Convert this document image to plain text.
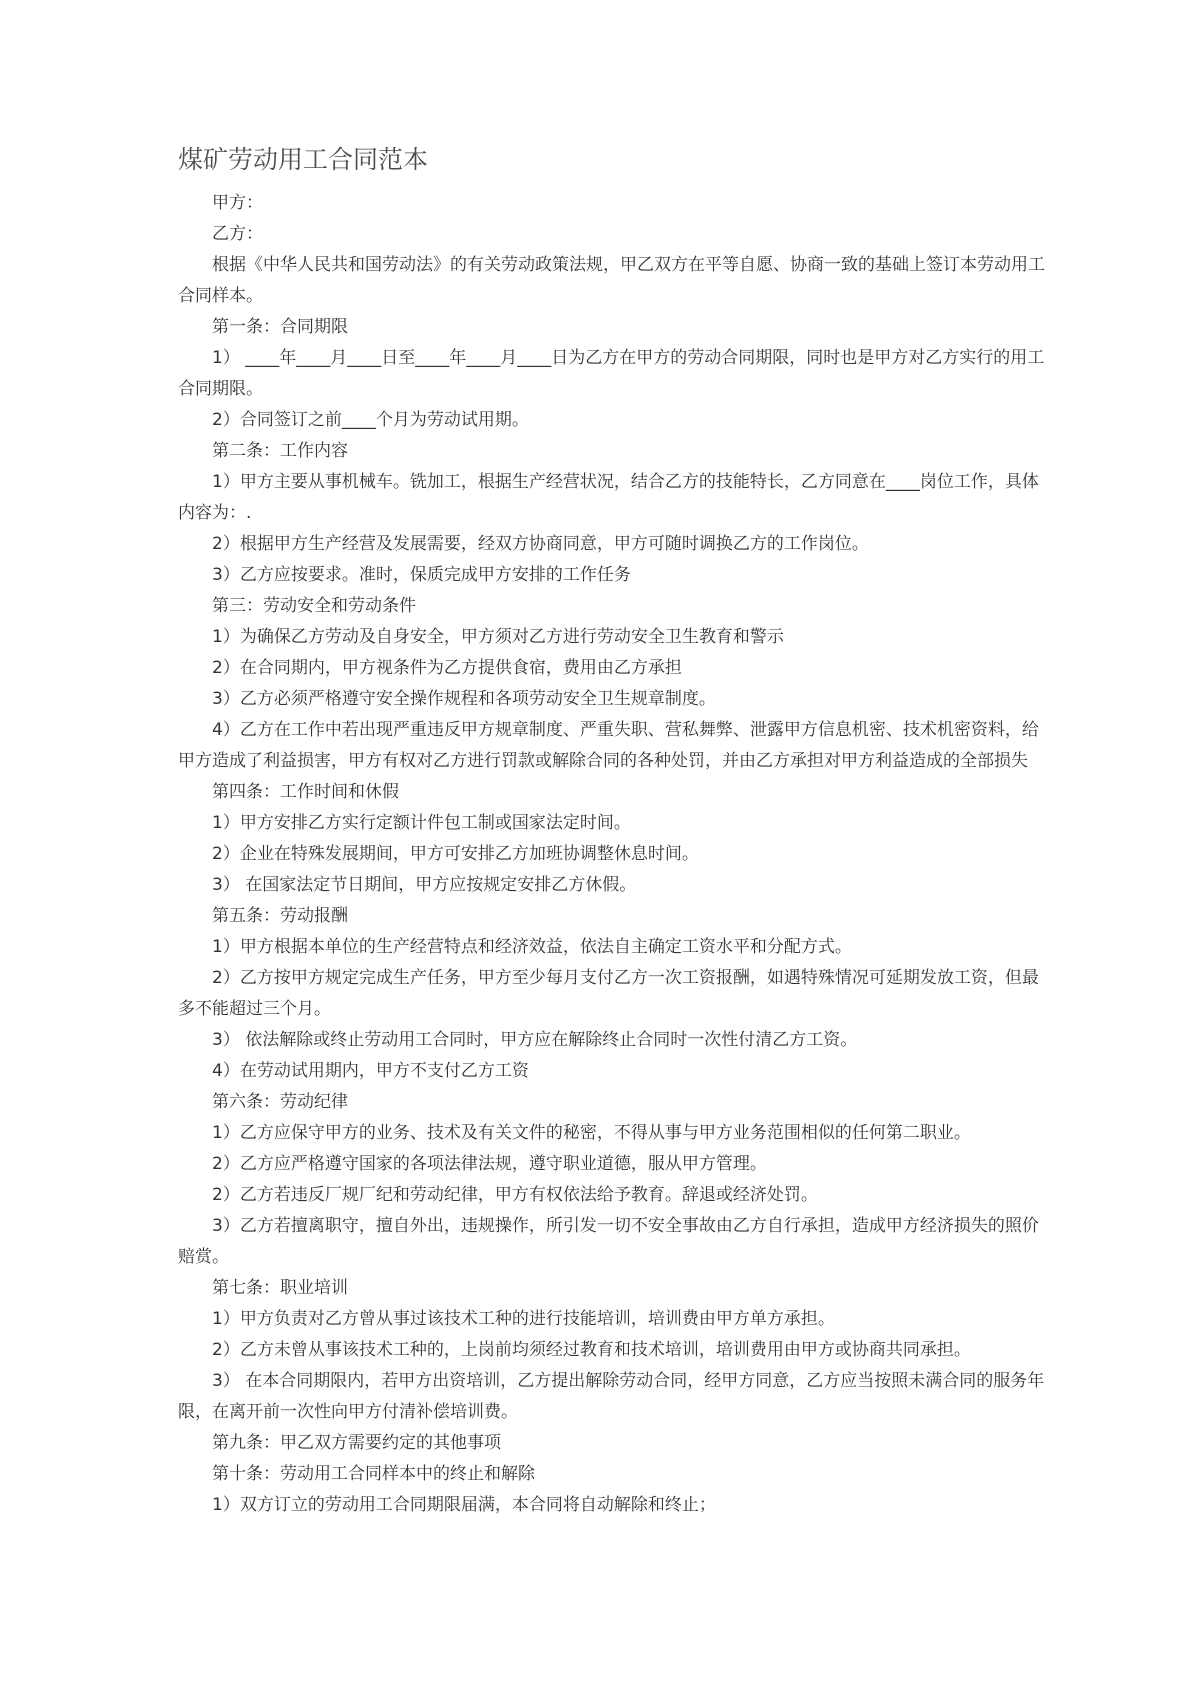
煤矿劳动用工合同范本

甲方：

乙方：

根据《中华人民共和国劳动法》的有关劳动政策法规，甲乙双方在平等自愿、协商一致的基础上签订本劳动用工合同样本。

第一条：合同期限

1） ____年____月____日至____年____月____日为乙方在甲方的劳动合同期限，同时也是甲方对乙方实行的用工合同期限。

2）合同签订之前____个月为劳动试用期。

第二条：工作内容

1）甲方主要从事机械车。铣加工，根据生产经营状况，结合乙方的技能特长，乙方同意在____岗位工作，具体内容为：.

2）根据甲方生产经营及发展需要，经双方协商同意，甲方可随时调换乙方的工作岗位。

3）乙方应按要求。准时，保质完成甲方安排的工作任务

第三：劳动安全和劳动条件

1）为确保乙方劳动及自身安全，甲方须对乙方进行劳动安全卫生教育和警示

2）在合同期内，甲方视条件为乙方提供食宿，费用由乙方承担

3）乙方必须严格遵守安全操作规程和各项劳动安全卫生规章制度。

4）乙方在工作中若出现严重违反甲方规章制度、严重失职、营私舞弊、泄露甲方信息机密、技术机密资料，给甲方造成了利益损害，甲方有权对乙方进行罚款或解除合同的各种处罚，并由乙方承担对甲方利益造成的全部损失

第四条：工作时间和休假

1）甲方安排乙方实行定额计件包工制或国家法定时间。

2）企业在特殊发展期间，甲方可安排乙方加班协调整休息时间。

3） 在国家法定节日期间，甲方应按规定安排乙方休假。

第五条：劳动报酬

1）甲方根据本单位的生产经营特点和经济效益，依法自主确定工资水平和分配方式。

2）乙方按甲方规定完成生产任务，甲方至少每月支付乙方一次工资报酬，如遇特殊情况可延期发放工资，但最多不能超过三个月。

3） 依法解除或终止劳动用工合同时，甲方应在解除终止合同时一次性付清乙方工资。

4）在劳动试用期内，甲方不支付乙方工资

第六条：劳动纪律

1）乙方应保守甲方的业务、技术及有关文件的秘密，不得从事与甲方业务范围相似的任何第二职业。

2）乙方应严格遵守国家的各项法律法规，遵守职业道德，服从甲方管理。

2）乙方若违反厂规厂纪和劳动纪律，甲方有权依法给予教育。辞退或经济处罚。

3）乙方若擅离职守，擅自外出，违规操作，所引发一切不安全事故由乙方自行承担，造成甲方经济损失的照价赔赏。

第七条：职业培训

1）甲方负责对乙方曾从事过该技术工种的进行技能培训，培训费由甲方单方承担。

2）乙方未曾从事该技术工种的，上岗前均须经过教育和技术培训，培训费用由甲方或协商共同承担。

3） 在本合同期限内，若甲方出资培训，乙方提出解除劳动合同，经甲方同意，乙方应当按照未满合同的服务年限，在离开前一次性向甲方付清补偿培训费。

第九条：甲乙双方需要约定的其他事项

第十条：劳动用工合同样本中的终止和解除

1）双方订立的劳动用工合同期限届满，本合同将自动解除和终止；
